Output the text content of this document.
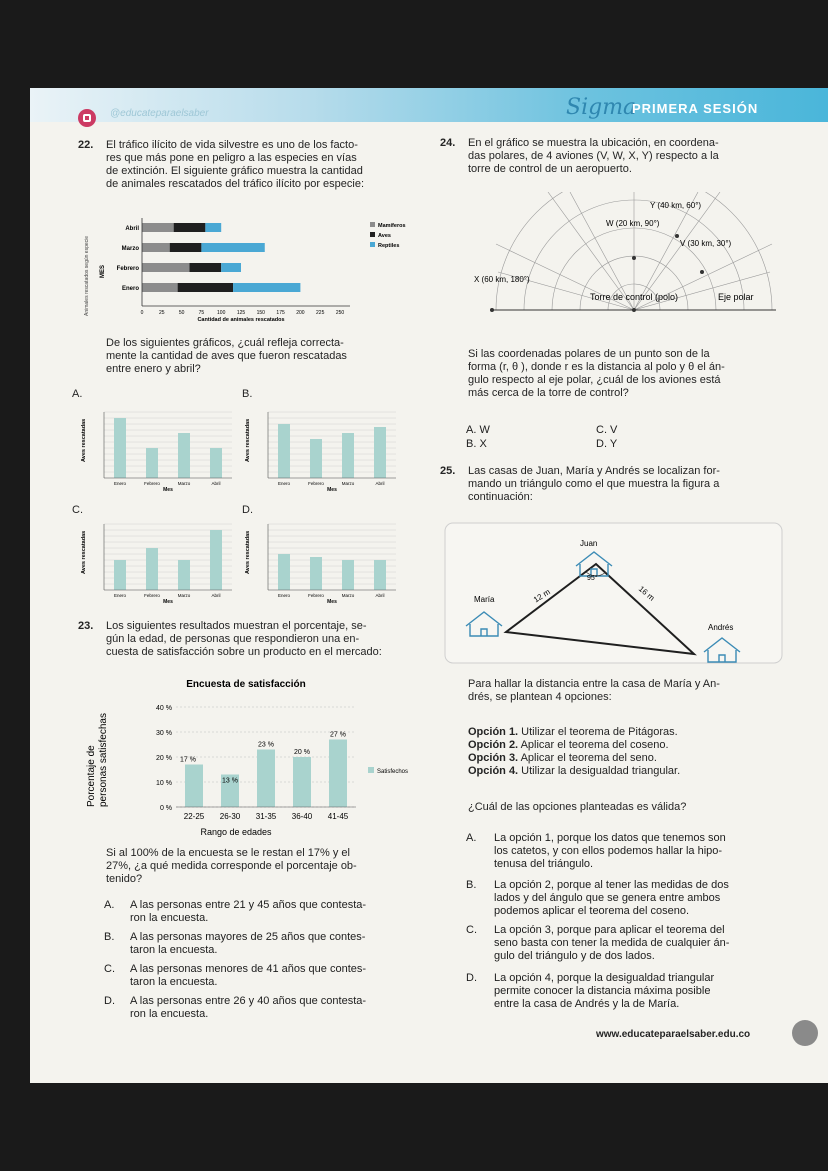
@educateparaelsaber	Sigma
PRIMERA SESIÓN
22. El tráfico ilícito de vida silvestre es uno de los facto-
res que más pone en peligro a las especies en vías
de extinción. El siguiente gráfico muestra la cantidad
de animales rescatados del tráfico ilícito por especie:
Animales rescatados según especie MES
Abril
Marzo
Febrero
Enero
0	25	50	75	100 125 150 175 200 225 250
Cantidad de animales rescatados
Mamíferos
Aves
Reptiles
De los siguientes gráficos, ¿cuál refleja correcta-
mente la cantidad de aves que fueron rescatadas
entre enero y abril?
A.	B.
C.	D.
Aves rescatadas
Enero	Febrero	Marzo	Abril
Mes
Aves rescatadas
Enero	Febrero	Marzo	Abril
Mes
Aves rescatadas
Enero	Febrero	Marzo	Abril
Mes
Aves rescatadas
Enero	Febrero	Marzo	Abril
Mes
23. Los siguientes resultados muestran el porcentaje, se-
gún la edad, de personas que respondieron una en-
cuesta de satisfacción sobre un producto en el mercado:
Encuesta de satisfacción
Porcentaje de personas satisfechas
0 %
10 %
20 %
30 %
40 %
17 %
22-25
13 %
26-30
23 %
31-35
20 %
36-40
27 %
41-45
Rango de edades
Satisfechos
Si al 100% de la encuesta se le restan el 17% y el
27%, ¿a qué medida corresponde el porcentaje ob-
tenido?
A. A las personas entre 21 y 45 años que contesta-
ron la encuesta.
B. A las personas mayores de 25 años que contes-
taron la encuesta.
C. A las personas menores de 41 años que contes-
taron la encuesta.
D. A las personas entre 26 y 40 años que contesta-
ron la encuesta.
24. En el gráfico se muestra la ubicación, en coordena-
das polares, de 4 aviones (V, W, X, Y) respecto a la
torre de control de un aeropuerto.
Y (40 km, 60°)
W (20 km, 90°)
V (30 km, 30°)
X (60 km, 180°)
Torre de control (polo)	Eje polar
Si las coordenadas polares de un punto son de la
forma (r, θ ), donde r es la distancia al polo y θ el án-
gulo respecto al eje polar, ¿cuál de los aviones está
más cerca de la torre de control?
A. W
B. X
C. V
D. Y
25. Las casas de Juan, María y Andrés se localizan for-
mando un triángulo como el que muestra la figura a
continuación:
Juan
María
Andrés
12 m	16 m
95°
Para hallar la distancia entre la casa de María y An-
drés, se plantean 4 opciones:
Opción 1. Utilizar el teorema de Pitágoras.
Opción 2. Aplicar el teorema del coseno.
Opción 3. Aplicar el teorema del seno.
Opción 4. Utilizar la desigualdad triangular.
¿Cuál de las opciones planteadas es válida?
A. La opción 1, porque los datos que tenemos son
los catetos, y con ellos podemos hallar la hipo-
tenusa del triángulo.
B. La opción 2, porque al tener las medidas de dos
lados y del ángulo que se genera entre ambos
podemos aplicar el teorema del coseno.
C. La opción 3, porque para aplicar el teorema del
seno basta con tener la medida de cualquier án-
gulo del triángulo y de dos lados.
D. La opción 4, porque la desigualdad triangular
permite conocer la distancia máxima posible
entre la casa de Andrés y la de María.
www.educateparaelsaber.edu.co
